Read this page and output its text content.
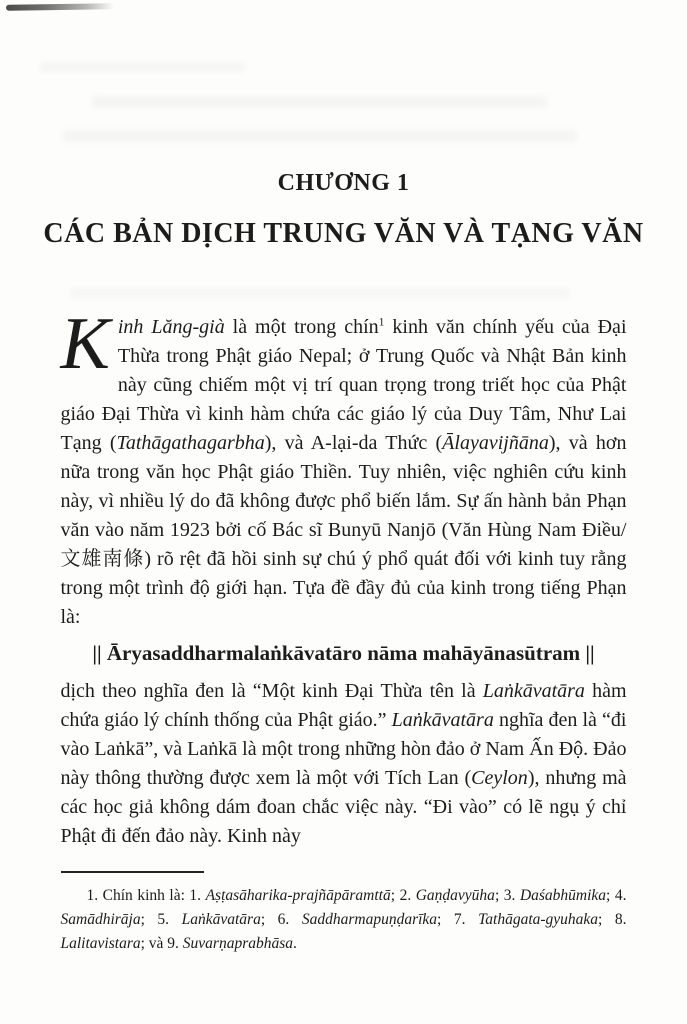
CHƯƠNG 1
CÁC BẢN DỊCH TRUNG VĂN VÀ TẠNG VĂN

Kinh Lăng-già là một trong chín$^1$ kinh văn chính yếu của Đại Thừa trong Phật giáo Nepal; ở Trung Quốc và Nhật Bản kinh này cũng chiếm một vị trí quan trọng trong triết học của Phật giáo Đại Thừa vì kinh hàm chứa các giáo lý của Duy Tâm, Như Lai Tạng (Tathāgathagarbha), và A-lại-da Thức (Ālayavijñāna), và hơn nữa trong văn học Phật giáo Thiền. Tuy nhiên, việc nghiên cứu kinh này, vì nhiều lý do đã không được phổ biến lắm. Sự ấn hành bản Phạn văn vào năm 1923 bởi cố Bác sĩ Bunyū Nanjō (Văn Hùng Nam Điều/文雄南條) rõ rệt đã hồi sinh sự chú ý phổ quát đối với kinh tuy rằng trong một trình độ giới hạn. Tựa đề đầy đủ của kinh trong tiếng Phạn là:

|| Āryasaddharmalaṅkāvatāro nāma mahāyānasūtram ||

dịch theo nghĩa đen là “Một kinh Đại Thừa tên là Laṅkāvatāra hàm chứa giáo lý chính thống của Phật giáo.” Laṅkāvatāra nghĩa đen là “đi vào Laṅkā”, và Laṅkā là một trong những hòn đảo ở Nam Ấn Độ. Đảo này thông thường được xem là một với Tích Lan (Ceylon), nhưng mà các học giả không dám đoan chắc việc này. “Đi vào” có lẽ ngụ ý chỉ Phật đi đến đảo này. Kinh này

1. Chín kinh là: 1. Aṣṭasāharika-prajñāpāramttā; 2. Gaṇḍavyūha; 3. Daśabhūmika; 4. Samādhirāja; 5. Laṅkāvatāra; 6. Saddharmapuṇḍarīka; 7. Tathāgata-gyuhaka; 8. Lalitavistara; và 9. Suvarṇaprabhāsa.
